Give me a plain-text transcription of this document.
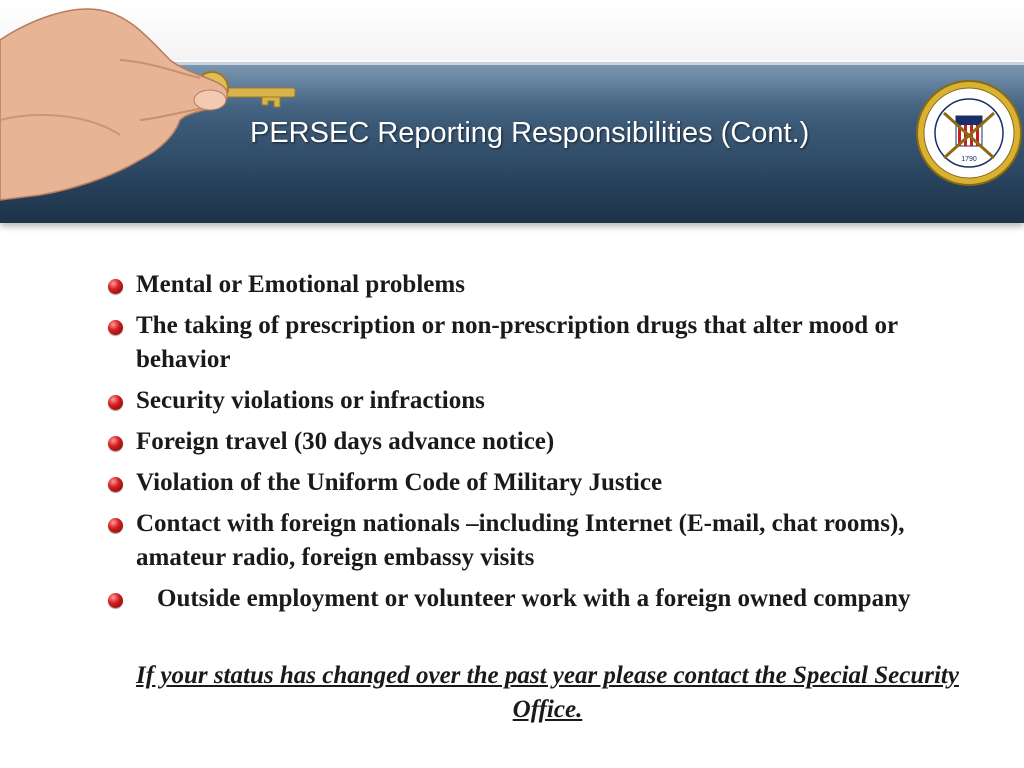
PERSEC Reporting Responsibilities (Cont.)
1790
Mental or Emotional problems
The taking of prescription or non-prescription drugs that alter mood or behavior
Security violations or infractions
Foreign travel (30 days advance notice)
Violation of the Uniform Code of Military Justice
Contact with foreign nationals –including Internet (E-mail, chat rooms), amateur radio, foreign embassy visits
Outside employment or volunteer work with a foreign owned company
If your status has changed over the past year please contact the Special Security Office.
